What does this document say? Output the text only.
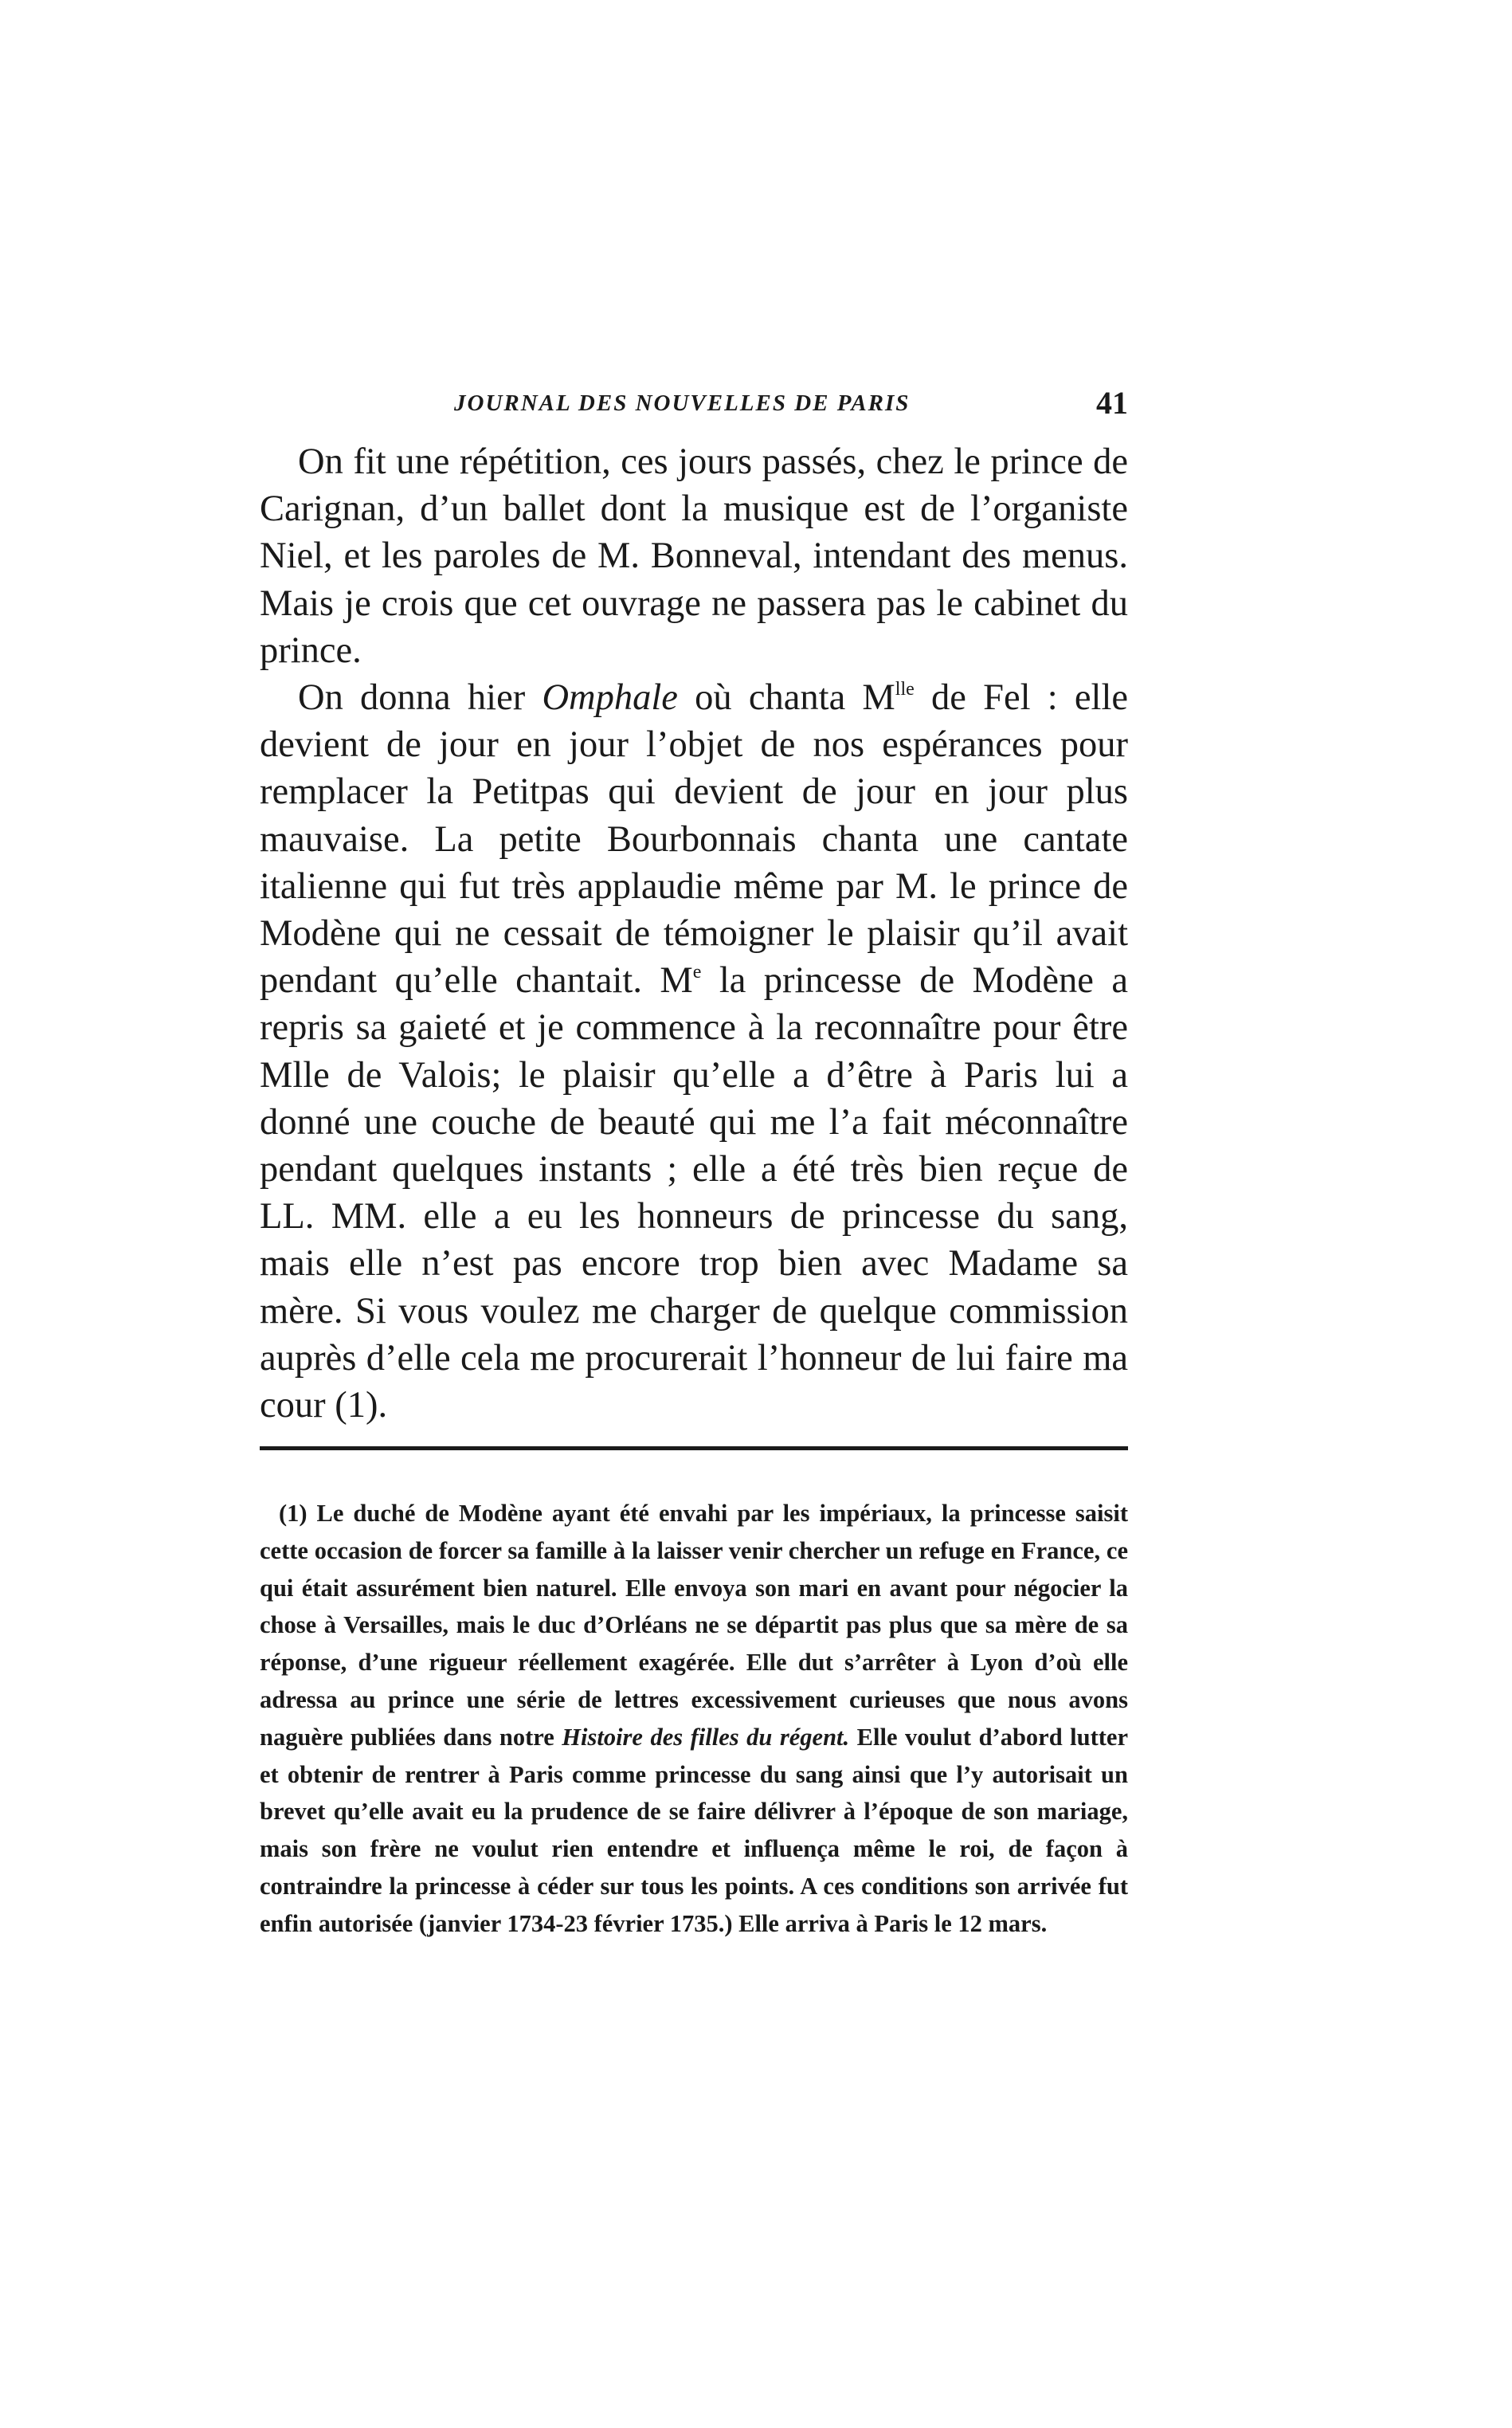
JOURNAL DES NOUVELLES DE PARIS	41

On fit une répétition, ces jours passés, chez le prince de Carignan, d’un ballet dont la musique est de l’organiste Niel, et les paroles de M. Bonneval, intendant des menus. Mais je crois que cet ouvrage ne passera pas le cabinet du prince.

On donna hier Omphale où chanta $M^{lle}$ de Fel : elle devient de jour en jour l’objet de nos espérances pour remplacer la Petitpas qui devient de jour en jour plus mauvaise. La petite Bourbonnais chanta une cantate italienne qui fut très applaudie même par M. le prince de Modène qui ne cessait de témoigner le plaisir qu’il avait pendant qu’elle chantait. Me la princesse de Modène a repris sa gaieté et je commence à la reconnaître pour être Mlle de Valois; le plaisir qu’elle a d’être à Paris lui a donné une couche de beauté qui me l’a fait méconnaître pendant quelques instants ; elle a été très bien reçue de LL. MM. elle a eu les honneurs de princesse du sang, mais elle n’est pas encore trop bien avec Madame sa mère. Si vous voulez me charger de quelque commission auprès d’elle cela me procurerait l’honneur de lui faire ma cour (1).

(1) Le duché de Modène ayant été envahi par les impériaux, la princesse saisit cette occasion de forcer sa famille à la laisser venir chercher un refuge en France, ce qui était assurément bien naturel. Elle envoya son mari en avant pour négocier la chose à Versailles, mais le duc d’Orléans ne se départit pas plus que sa mère de sa réponse, d’une rigueur réellement exagérée. Elle dut s’arrêter à Lyon d’où elle adressa au prince une série de lettres excessivement curieuses que nous avons naguère publiées dans notre Histoire des filles du régent. Elle voulut d’abord lutter et obtenir de rentrer à Paris comme princesse du sang ainsi que l’y autorisait un brevet qu’elle avait eu la prudence de se faire délivrer à l’époque de son mariage, mais son frère ne voulut rien entendre et influença même le roi, de façon à contraindre la princesse à céder sur tous les points. A ces conditions son arrivée fut enfin autorisée (janvier 1734-23 février 1735.) Elle arriva à Paris le 12 mars.
